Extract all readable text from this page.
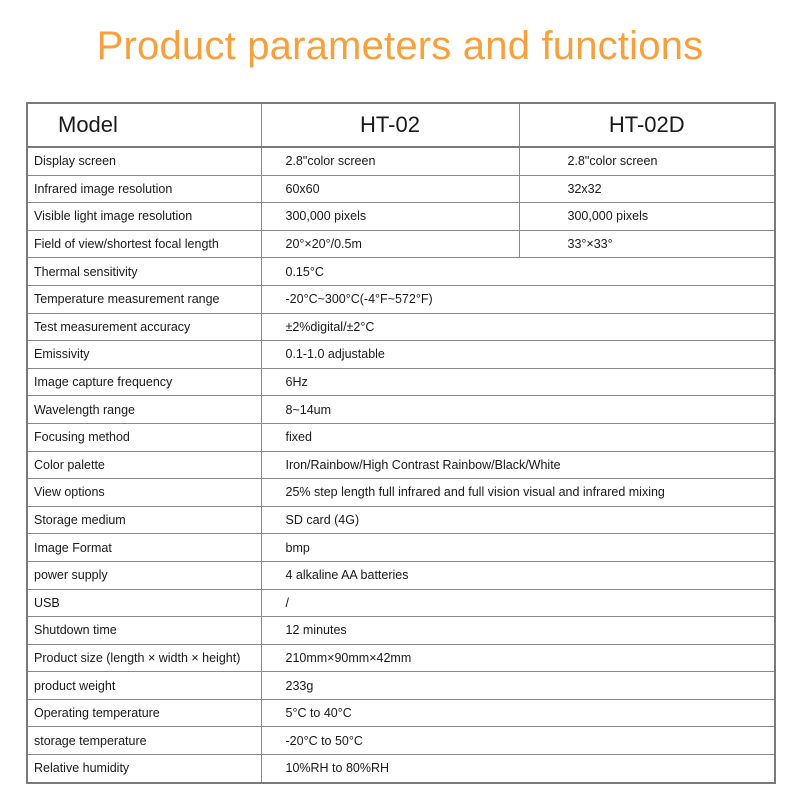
Product parameters and functions
Model	HT-02	HT-02D
Display screen	2.8"color screen	2.8"color screen
Infrared image resolution	60x60	32x32
Visible light image resolution	300,000 pixels	300,000 pixels
Field of view/shortest focal length	20°×20°/0.5m	33°×33°
Thermal sensitivity	0.15°C	
Temperature measurement range	-20°C~300°C(-4°F~572°F)	
Test measurement accuracy	±2%digital/±2°C	
Emissivity	0.1-1.0 adjustable	
Image capture frequency	6Hz	
Wavelength range	8~14um	
Focusing method	fixed	
Color palette	Iron/Rainbow/High Contrast Rainbow/Black/White	
View options	25% step length full infrared and full vision visual and infrared mixing	
Storage medium	SD card (4G)	
Image Format	bmp	
power supply	4 alkaline AA batteries	
USB	/	
Shutdown time	12 minutes	
Product size (length × width × height)	210mm×90mm×42mm	
product weight	233g	
Operating temperature	5°C to 40°C	
storage temperature	-20°C to 50°C	
Relative humidity	10%RH to 80%RH	
